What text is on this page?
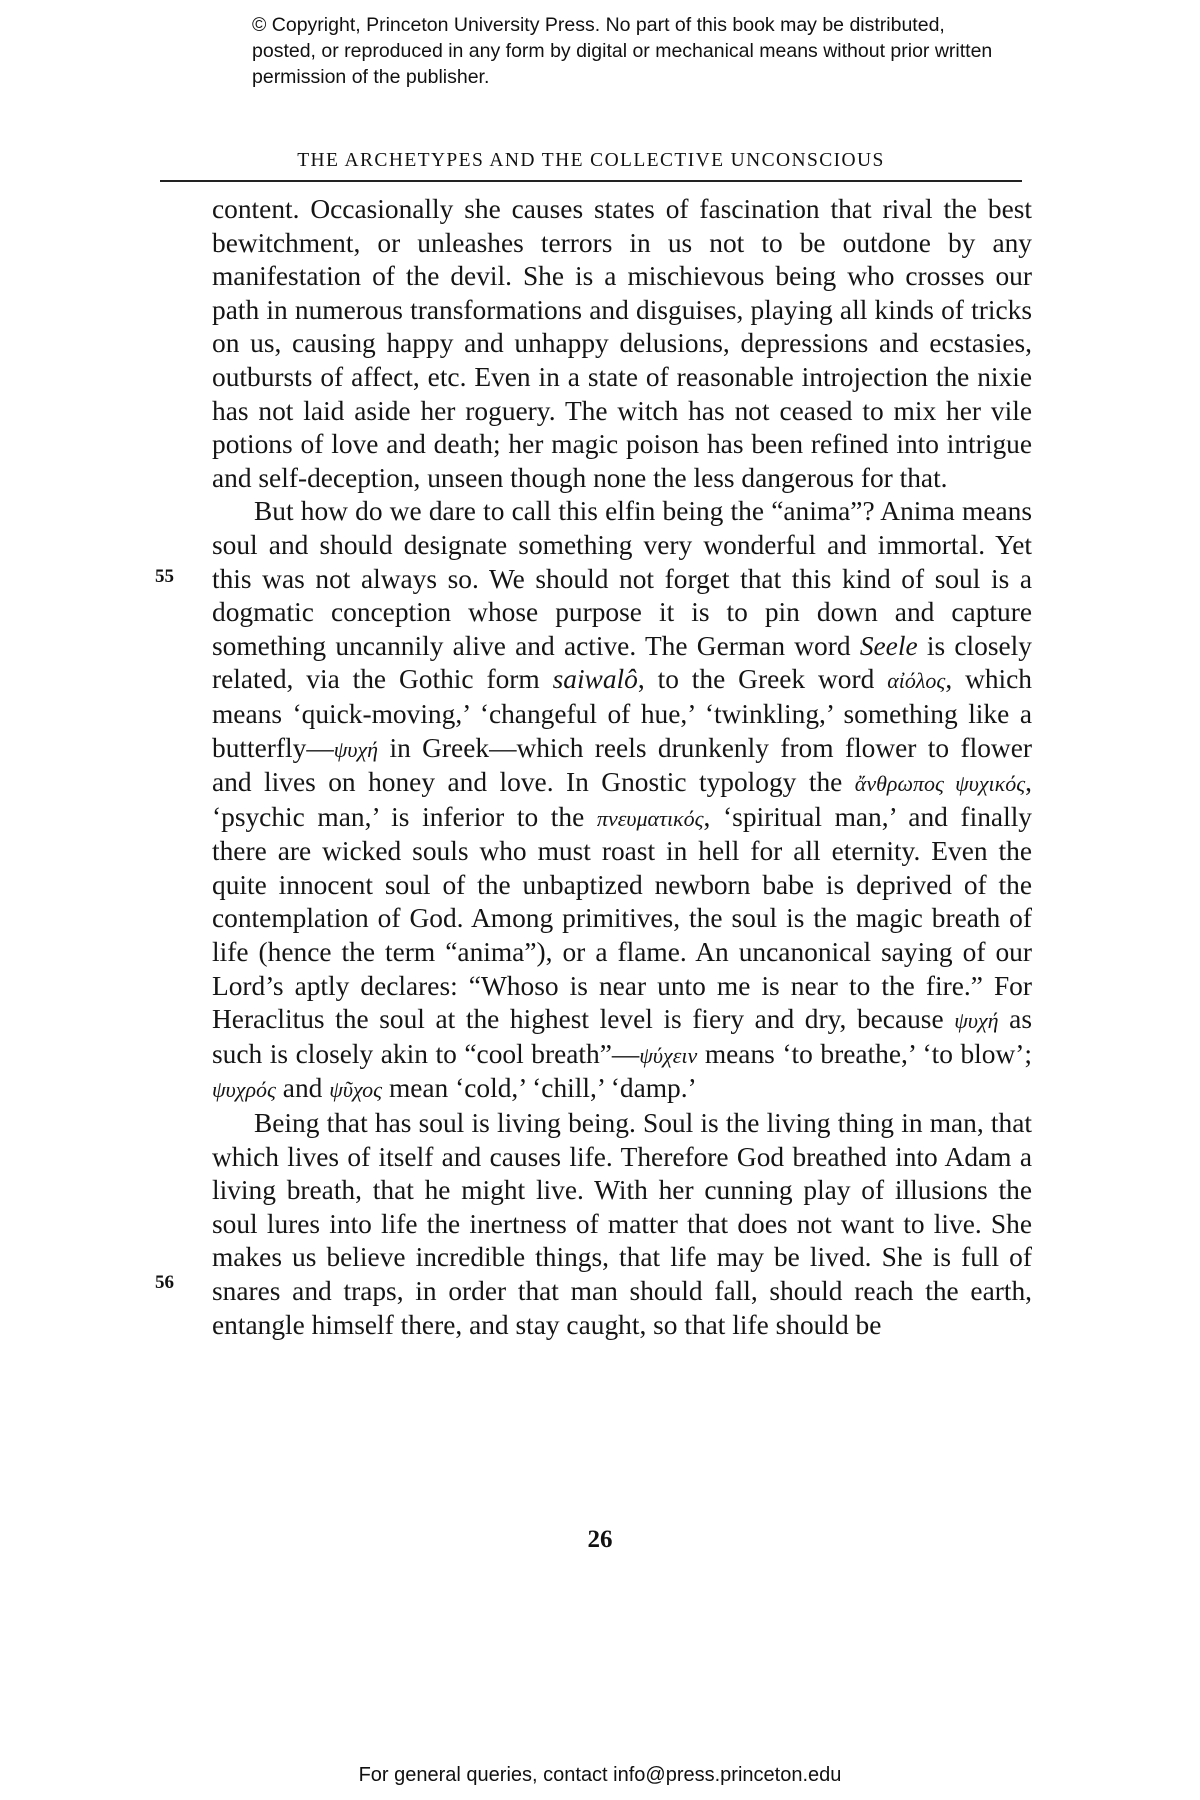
© Copyright, Princeton University Press. No part of this book may be distributed, posted, or reproduced in any form by digital or mechanical means without prior written permission of the publisher.
THE ARCHETYPES AND THE COLLECTIVE UNCONSCIOUS
55
56

content. Occasionally she causes states of fascination that rival the best bewitchment, or unleashes terrors in us not to be outdone by any manifestation of the devil. She is a mischievous being who crosses our path in numerous transformations and disguises, playing all kinds of tricks on us, causing happy and unhappy delusions, depressions and ecstasies, outbursts of affect, etc. Even in a state of reasonable introjection the nixie has not laid aside her roguery. The witch has not ceased to mix her vile potions of love and death; her magic poison has been refined into intrigue and self-deception, unseen though none the less dangerous for that.

But how do we dare to call this elfin being the “anima”? Anima means soul and should designate something very wonderful and immortal. Yet this was not always so. We should not forget that this kind of soul is a dogmatic conception whose purpose it is to pin down and capture something uncannily alive and active. The German word Seele is closely related, via the Gothic form saiwalô, to the Greek word αἰόλος, which means ‘quick-moving,’ ‘changeful of hue,’ ‘twinkling,’ something like a butterfly—ψυχή in Greek—which reels drunkenly from flower to flower and lives on honey and love. In Gnostic typology the ἄνθρωπος ψυχικός, ‘psychic man,’ is inferior to the πνευματικός, ‘spiritual man,’ and finally there are wicked souls who must roast in hell for all eternity. Even the quite innocent soul of the unbaptized newborn babe is deprived of the contemplation of God. Among primitives, the soul is the magic breath of life (hence the term “anima”), or a flame. An uncanonical saying of our Lord’s aptly declares: “Whoso is near unto me is near to the fire.” For Heraclitus the soul at the highest level is fiery and dry, because ψυχή as such is closely akin to “cool breath”—ψύχειν means ‘to breathe,’ ‘to blow’; ψυχρός and ψῦχος mean ‘cold,’ ‘chill,’ ‘damp.’

Being that has soul is living being. Soul is the living thing in man, that which lives of itself and causes life. Therefore God breathed into Adam a living breath, that he might live. With her cunning play of illusions the soul lures into life the inertness of matter that does not want to live. She makes us believe incredible things, that life may be lived. She is full of snares and traps, in order that man should fall, should reach the earth, entangle himself there, and stay caught, so that life should be

26
For general queries, contact info@press.princeton.edu
